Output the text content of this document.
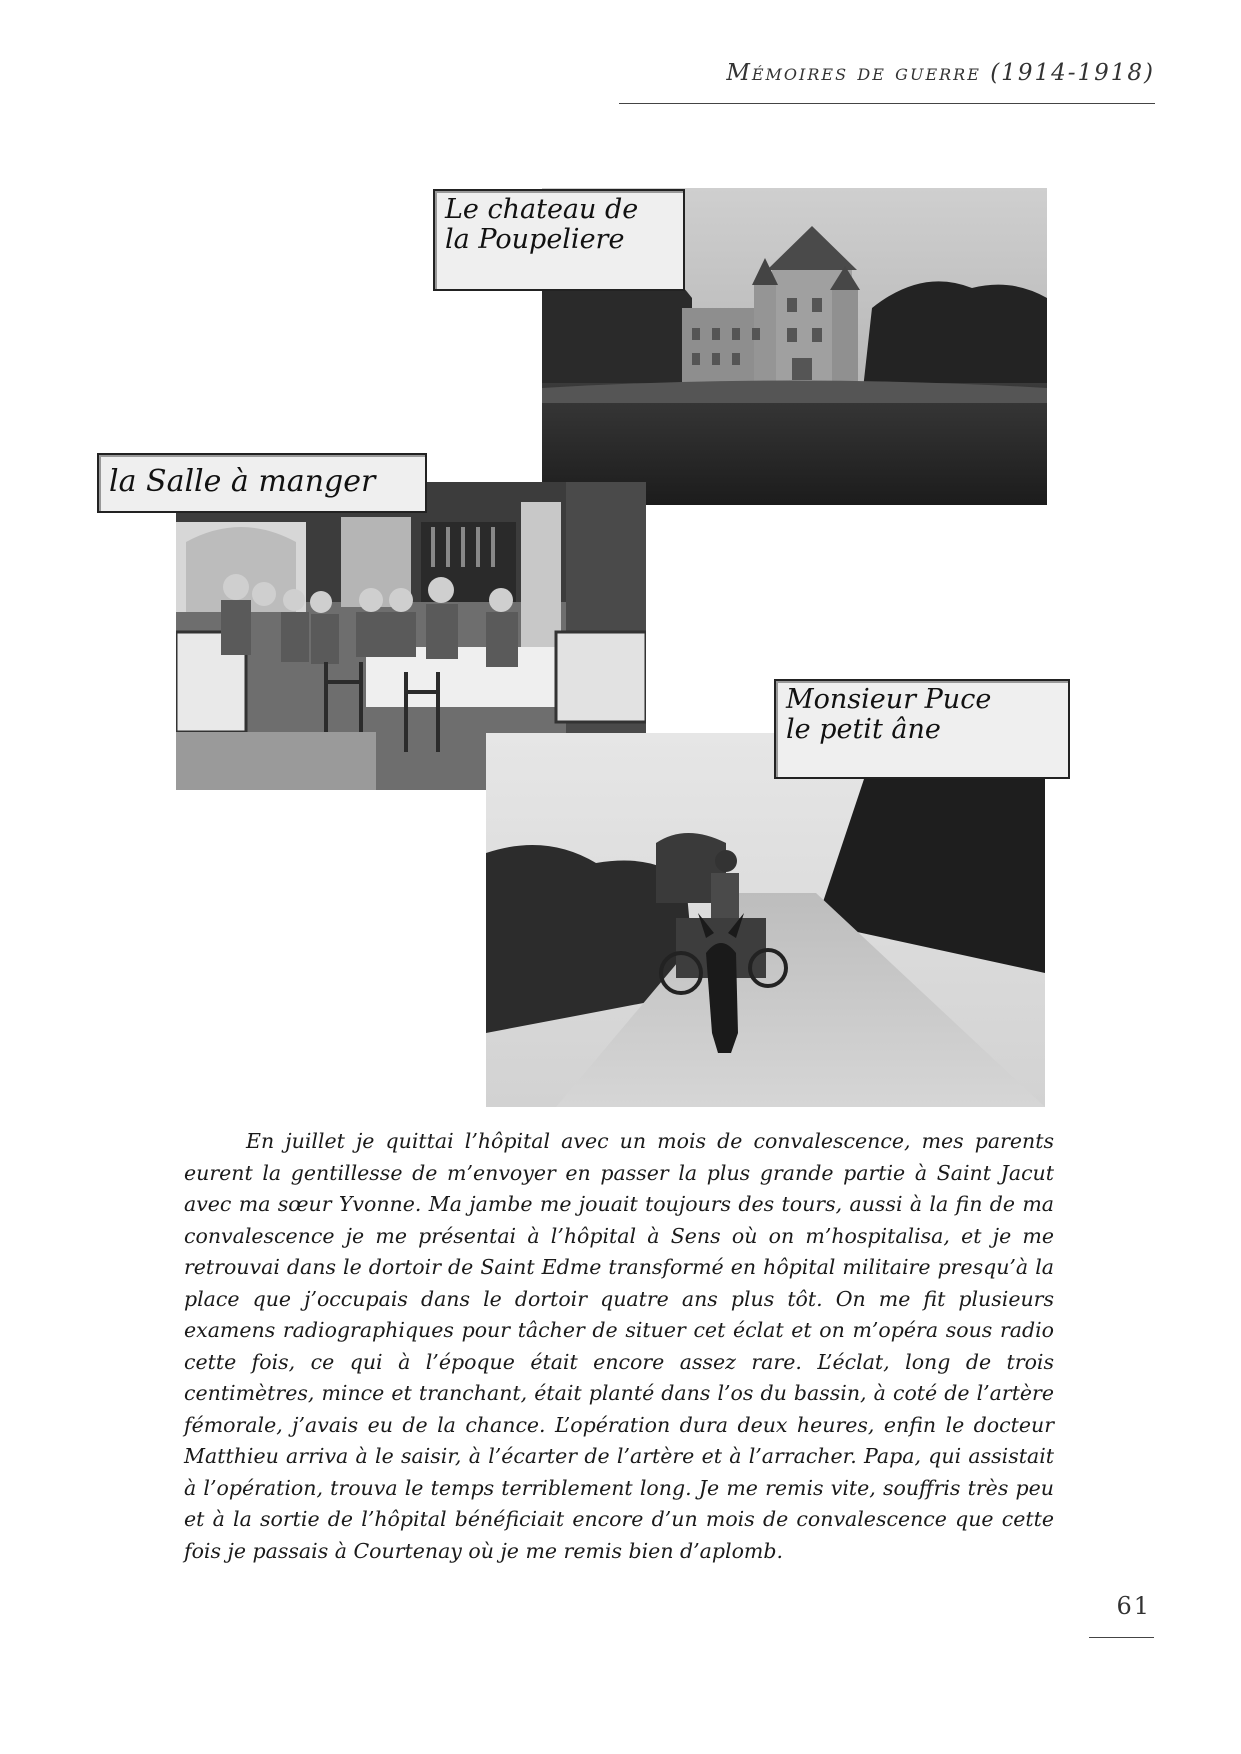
Mémoires de guerre (1914-1918)
Le chateau de
la Poupeliere
la Salle à manger
Monsieur Puce
le petit âne

En juillet je quittai l’hôpital avec un mois de convalescence, mes parents eurent la gentillesse de m’envoyer en passer la plus grande partie à Saint Jacut avec ma sœur Yvonne. Ma jambe me jouait toujours des tours, aussi à la fin de ma convalescence je me présentai à l’hôpital à Sens où on m’hospitalisa, et je me retrouvai dans le dortoir de Saint Edme transformé en hôpital militaire presqu’à la place que j’occupais dans le dortoir quatre ans plus tôt. On me fit plusieurs examens radiographiques pour tâcher de situer cet éclat et on m’opéra sous radio cette fois, ce qui à l’époque était encore assez rare. L’éclat, long de trois centimètres, mince et tranchant, était planté dans l’os du bassin, à coté de l’artère fémorale, j’avais eu de la chance. L’opération dura deux heures, enfin le docteur Matthieu arriva à le saisir, à l’écarter de l’artère et à l’arracher. Papa, qui assistait à l’opération, trouva le temps terriblement long. Je me remis vite, souffris très peu et à la sortie de l’hôpital bénéficiait encore d’un mois de convalescence que cette fois je passais à Courtenay où je me remis bien d’aplomb.

61
